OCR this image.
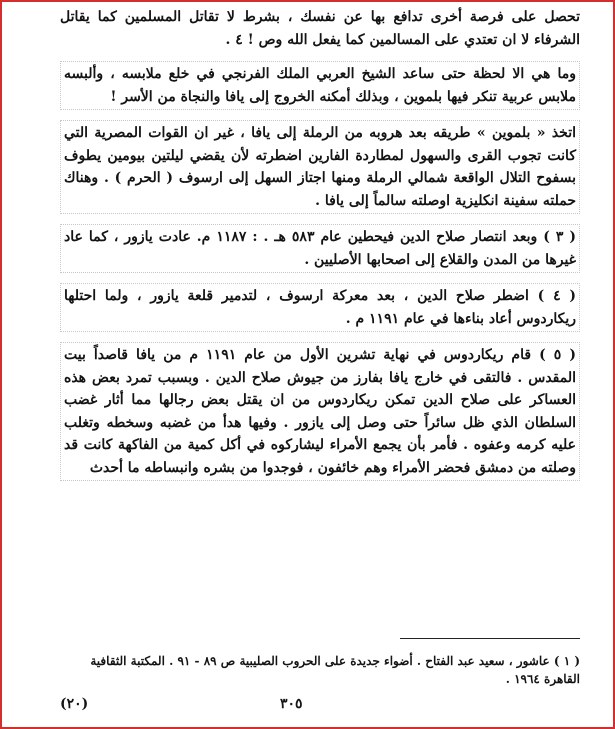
تحصل على فرصة أخرى تدافع بها عن نفسك ، بشرط لا تقاتل المسلمين كما يقاتل الشرفاء لا ان تعتدي على المسالمين كما يفعل الله وص ! ٤ .

وما هي الا لحظة حتى ساعد الشيخ العربي الملك الفرنجي في خلع ملابسه ، وألبسه ملابس عربية تنكر فيها بلموين ، وبذلك أمكنه الخروج إلى يافا والنجاة من الأسر !

اتخذ « بلموين » طريقه بعد هروبه من الرملة إلى يافا ، غير ان القوات المصرية التي كانت تجوب القرى والسهول لمطاردة الفارين اضطرته لأن يقضي ليلتين بيومين يطوف بسفوح التلال الواقعة شمالي الرملة ومنها اجتاز السهل إلى ارسوف ( الحرم ) . وهناك حملته سفينة انكليزية اوصلته سالماً إلى يافا .

( ٣ ) وبعد انتصار صلاح الدين فيحطين عام ٥٨٣ هـ . : ١١٨٧ م. عادت يازور ، كما عاد غيرها من المدن والقلاع إلى اصحابها الأصليين .

( ٤ ) اضطر صلاح الدين ، بعد معركة ارسوف ، لتدمير قلعة يازور ، ولما احتلها ريكاردوس أعاد بناءها في عام ١١٩١ م .

( ٥ ) قام ريكاردوس في نهاية تشرين الأول من عام ١١٩١ م من يافا قاصداً بيت المقدس . فالتقى في خارج يافا بفارز من جيوش صلاح الدين . وبسبب تمرد بعض هذه العساكر على صلاح الدين تمكن ريكاردوس من ان يقتل بعض رجالها مما أثار غضب السلطان الذي ظل سائراً حتى وصل إلى يازور . وفيها هدأ من غضبه وسخطه وتغلب عليه كرمه وعفوه . فأمر بأن يجمع الأمراء ليشاركوه في أكل كمية من الفاكهة كانت قد وصلته من دمشق فحضر الأمراء وهم خائفون ، فوجدوا من بشره وانبساطه ما أحدث

( ١ ) عاشور ، سعيد عبد الفتاح . أضواء جديدة على الحروب الصليبية ص ٨٩ - ٩١ . المكتبة الثقافية القاهرة ١٩٦٤ .
(٢٠)	٣٠٥
